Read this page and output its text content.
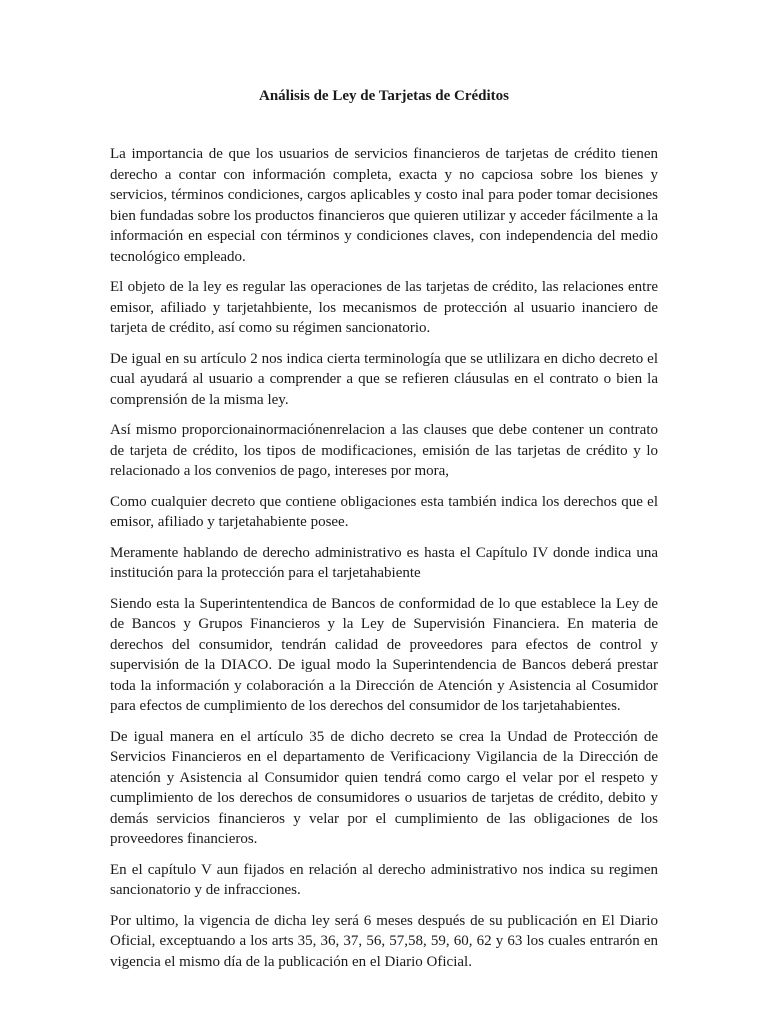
Análisis de Ley de Tarjetas de Créditos

La importancia de que los usuarios de servicios financieros de tarjetas de crédito tienen derecho a contar con información completa, exacta y no capciosa sobre los bienes y servicios, términos condiciones, cargos aplicables y costo inal para poder tomar decisiones bien fundadas sobre los productos financieros que quieren utilizar y acceder fácilmente a la información en especial con términos y condiciones claves, con independencia del medio tecnológico empleado.

El objeto de la ley es regular las operaciones de las tarjetas de crédito, las relaciones entre emisor, afiliado y tarjetahbiente, los mecanismos de protección al usuario inanciero de tarjeta de crédito, así como su régimen sancionatorio.

De igual en su artículo 2 nos indica cierta terminología que se utlilizara en dicho decreto el cual ayudará al usuario a comprender a que se refieren cláusulas en el contrato o bien la comprensión de la misma ley.

Así mismo proporcionainormaciónenrelacion a las clauses que debe contener un contrato de tarjeta de crédito, los tipos de modificaciones, emisión de las tarjetas de crédito y lo relacionado a los convenios de pago, intereses por mora,

Como cualquier decreto que contiene obligaciones esta también indica los derechos que el emisor, afiliado y tarjetahabiente posee.

Meramente hablando de derecho administrativo es hasta el Capítulo IV donde indica una institución para la protección para el tarjetahabiente

Siendo esta la Superintentendica de Bancos de conformidad de lo que establece la Ley de de Bancos y Grupos Financieros y la Ley de Supervisión Financiera. En materia de derechos del consumidor, tendrán calidad de proveedores para efectos de control y supervisión de la DIACO. De igual modo la Superintendencia de Bancos deberá prestar toda la información y colaboración a la Dirección de Atención y Asistencia al Cosumidor para efectos de cumplimiento de los derechos del consumidor de los tarjetahabientes.

De igual manera en el artículo 35 de dicho decreto se crea la Undad de Protección de Servicios Financieros en el departamento de Verificaciony Vigilancia de la Dirección de atención y Asistencia al Consumidor quien tendrá como cargo el velar por el respeto y cumplimiento de los derechos de consumidores o usuarios de tarjetas de crédito, debito y demás servicios financieros y velar por el cumplimiento de las obligaciones de los proveedores financieros.

En el capítulo V aun fijados en relación al derecho administrativo nos indica su regimen sancionatorio y de infracciones.

Por ultimo, la vigencia de dicha ley será 6 meses después de su publicación en El Diario Oficial, exceptuando a los arts 35, 36, 37, 56, 57,58, 59, 60, 62 y 63 los cuales entrarón en vigencia el mismo día de la publicación en el Diario Oficial.
